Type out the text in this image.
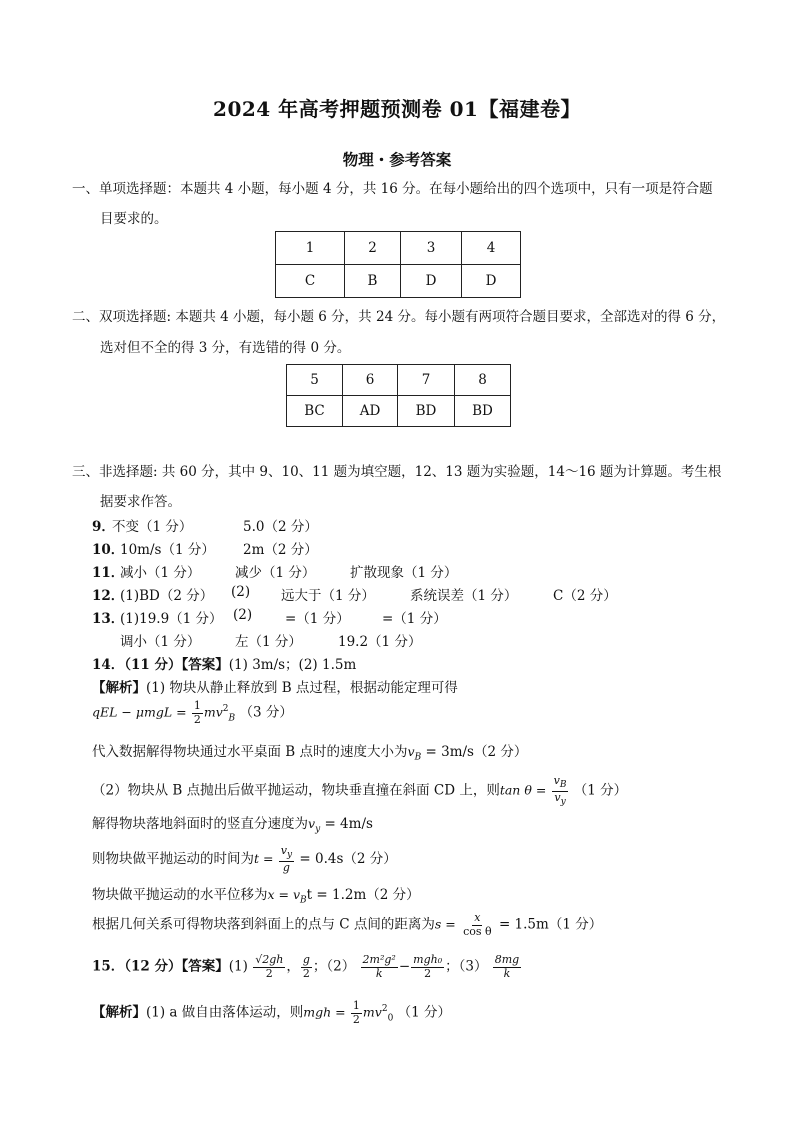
2024 年高考押题预测卷 01【福建卷】
物理・参考答案
一、单项选择题：本题共 4 小题，每小题 4 分，共 16 分。在每小题给出的四个选项中，只有一项是符合题
目要求的。
1	2	3	4
C	B	D	D
二、双项选择题: 本题共 4 小题，每小题 6 分，共 24 分。每小题有两项符合题目要求，全部选对的得 6 分，
选对但不全的得 3 分，有选错的得 0 分。
5	6	7	8
BC	AD	BD	BD
三、非选择题: 共 60 分，其中 9、10、11 题为填空题，12、13 题为实验题，14～16 题为计算题。考生根
据要求作答。
9．
不变（1 分）	5.0（2 分）
10．
10m/s（1 分） 2m（2 分）
11．
减小（1 分）	减少（1 分）	扩散现象（1 分）
12．
(1)BD（2 分） (2) 远大于（1 分）	系统误差（1 分）	C（2 分）
13．
(1)19.9（1 分） (2) =（1 分） =（1 分）
调小（1 分）	左（1 分）	19.2（1 分）
14．（11 分）【答案】(1) 3m/s；(2) 1.5m
【解析】(1) 物块从静止释放到 B 点过程，根据动能定理可得
qEL − $\mu mgL = \frac{1}{2} mv^2_B$ （3 分）
代入数据解得物块通过水平桌面 B 点时的速度大小为$v_B = 3m/s(2$ 分）
（2）物块从 B 点抛出后做平抛运动，物块垂直撞在斜面 CD 上，则$\tan \theta = \frac{v_B}{v_y} (1$ 分）
解得物块落地斜面时的竖直分速度为$v_y = 4m/s$
则物块做平抛运动的时间为$t = \frac{v_y}{g} = 0.4s(2$ 分）
物块做平抛运动的水平位移为$x = v_Bt = 1.2m(2$ 分）
根据几何关系可得物块落到斜面上的点与 C 点间的距离为$s = \frac{x}{\text{cos θ}} = 1.5m(1$ 分）
15．（12 分）【答案】$(1) \frac{√2gh}{2}$ ， $\frac{g}{2}$ ；$(2) \frac{\text{2m²g²}}{k} - \frac{\text{mgh₀}}{2}$ ；$(3) \frac{8mg}{k}$
【解析】(1) a 做自由落体运动，则mgh = $\frac{1}{2} mv^2_0$ （1 分）
